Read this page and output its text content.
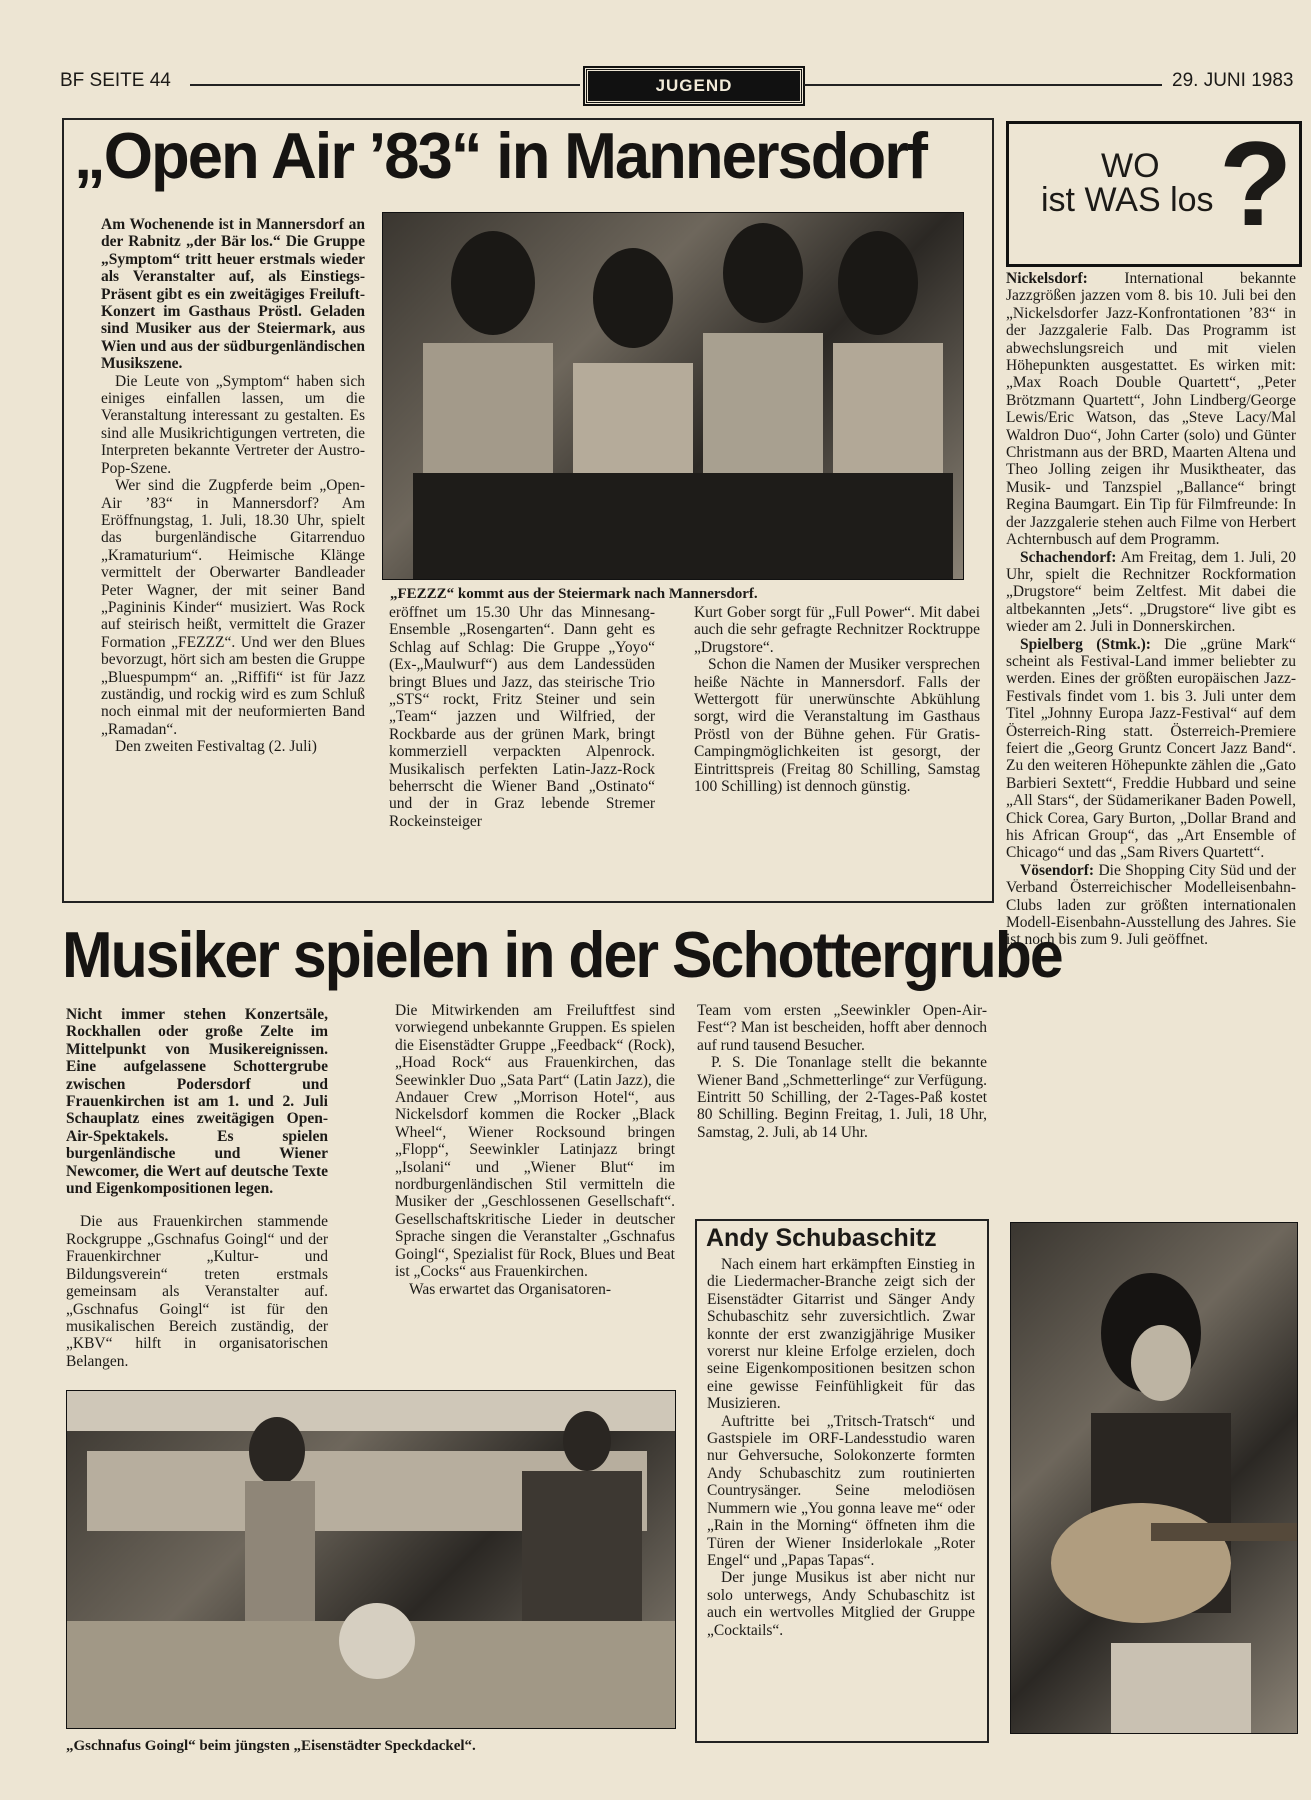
BF SEITE 44	JUGEND	29. JUNI 1983
„Open Air ’83“ in Mannersdorf
„FEZZZ“ kommt aus der Steiermark nach Mannersdorf.

Am Wochenende ist in Mannersdorf an der Rabnitz „der Bär los.“ Die Gruppe „Symptom“ tritt heuer erstmals wieder als Veranstalter auf, als Einstiegs-Präsent gibt es ein zweitägiges Freiluft-Konzert im Gasthaus Pröstl. Geladen sind Musiker aus der Steiermark, aus Wien und aus der südburgenländischen Musikszene.

Die Leute von „Symptom“ haben sich einiges einfallen lassen, um die Veranstaltung interessant zu gestalten. Es sind alle Musikrichtigungen vertreten, die Interpreten bekannte Vertreter der Austro-Pop-Szene.

Wer sind die Zugpferde beim „Open-Air ’83“ in Mannersdorf? Am Eröffnungstag, 1. Juli, 18.30 Uhr, spielt das burgenländische Gitarrenduo „Kramaturium“. Heimische Klänge vermittelt der Oberwarter Bandleader Peter Wagner, der mit seiner Band „Pagininis Kinder“ musiziert. Was Rock auf steirisch heißt, vermittelt die Grazer Formation „FEZZZ“. Und wer den Blues bevorzugt, hört sich am besten die Gruppe „Bluespumpm“ an. „Riffifi“ ist für Jazz zuständig, und rockig wird es zum Schluß noch einmal mit der neuformierten Band „Ramadan“.

Den zweiten Festivaltag (2. Juli)

eröffnet um 15.30 Uhr das Minnesang-Ensemble „Rosengarten“. Dann geht es Schlag auf Schlag: Die Gruppe „Yoyo“ (Ex-„Maulwurf“) aus dem Landessüden bringt Blues und Jazz, das steirische Trio „STS“ rockt, Fritz Steiner und sein „Team“ jazzen und Wilfried, der Rockbarde aus der grünen Mark, bringt kommerziell verpackten Alpenrock. Musikalisch perfekten Latin-Jazz-Rock beherrscht die Wiener Band „Ostinato“ und der in Graz lebende Stremer Rockeinsteiger

Kurt Gober sorgt für „Full Power“. Mit dabei auch die sehr gefragte Rechnitzer Rocktruppe „Drugstore“.

Schon die Namen der Musiker versprechen heiße Nächte in Mannersdorf. Falls der Wettergott für unerwünschte Abkühlung sorgt, wird die Veranstaltung im Gasthaus Pröstl von der Bühne gehen. Für Gratis-Campingmöglichkeiten ist gesorgt, der Eintrittspreis (Freitag 80 Schilling, Samstag 100 Schilling) ist dennoch günstig.

WO
ist WAS los ?

Nickelsdorf: International bekannte Jazzgrößen jazzen vom 8. bis 10. Juli bei den „Nickelsdorfer Jazz-Konfrontationen ’83“ in der Jazzgalerie Falb. Das Programm ist abwechslungsreich und mit vielen Höhepunkten ausgestattet. Es wirken mit: „Max Roach Double Quartett“, „Peter Brötzmann Quartett“, John Lindberg/George Lewis/Eric Watson, das „Steve Lacy/Mal Waldron Duo“, John Carter (solo) und Günter Christmann aus der BRD, Maarten Altena und Theo Jolling zeigen ihr Musiktheater, das Musik- und Tanzspiel „Ballance“ bringt Regina Baumgart. Ein Tip für Filmfreunde: In der Jazzgalerie stehen auch Filme von Herbert Achternbusch auf dem Programm.

Schachendorf: Am Freitag, dem 1. Juli, 20 Uhr, spielt die Rechnitzer Rockformation „Drugstore“ beim Zeltfest. Mit dabei die altbekannten „Jets“. „Drugstore“ live gibt es wieder am 2. Juli in Donnerskirchen.

Spielberg (Stmk.): Die „grüne Mark“ scheint als Festival-Land immer beliebter zu werden. Eines der größten europäischen Jazz-Festivals findet vom 1. bis 3. Juli unter dem Titel „Johnny Europa Jazz-Festival“ auf dem Österreich-Ring statt. Österreich-Premiere feiert die „Georg Gruntz Concert Jazz Band“. Zu den weiteren Höhepunkte zählen die „Gato Barbieri Sextett“, Freddie Hubbard und seine „All Stars“, der Südamerikaner Baden Powell, Chick Corea, Gary Burton, „Dollar Brand and his African Group“, das „Art Ensemble of Chicago“ und das „Sam Rivers Quartett“.

Vösendorf: Die Shopping City Süd und der Verband Österreichischer Modelleisenbahn-Clubs laden zur größten internationalen Modell-Eisenbahn-Ausstellung des Jahres. Sie ist noch bis zum 9. Juli geöffnet.

Musiker spielen in der Schottergrube

Nicht immer stehen Konzertsäle, Rockhallen oder große Zelte im Mittelpunkt von Musikereignissen. Eine aufgelassene Schottergrube zwischen Podersdorf und Frauenkirchen ist am 1. und 2. Juli Schauplatz eines zweitägigen Open-Air-Spektakels. Es spielen burgenländische und Wiener Newcomer, die Wert auf deutsche Texte und Eigenkompositionen legen.

Die aus Frauenkirchen stammende Rockgruppe „Gschnafus Goingl“ und der Frauenkirchner „Kultur- und Bildungsverein“ treten erstmals gemeinsam als Veranstalter auf. „Gschnafus Goingl“ ist für den musikalischen Bereich zuständig, der „KBV“ hilft in organisatorischen Belangen.

Die Mitwirkenden am Freiluftfest sind vorwiegend unbekannte Gruppen. Es spielen die Eisenstädter Gruppe „Feedback“ (Rock), „Hoad Rock“ aus Frauenkirchen, das Seewinkler Duo „Sata Part“ (Latin Jazz), die Andauer Crew „Morrison Hotel“, aus Nickelsdorf kommen die Rocker „Black Wheel“, Wiener Rocksound bringen „Flopp“, Seewinkler Latinjazz bringt „Isolani“ und „Wiener Blut“ im nordburgenländischen Stil vermitteln die Musiker der „Geschlossenen Gesellschaft“. Gesellschaftskritische Lieder in deutscher Sprache singen die Veranstalter „Gschnafus Goingl“, Spezialist für Rock, Blues und Beat ist „Cocks“ aus Frauenkirchen.

Was erwartet das Organisatoren-

Team vom ersten „Seewinkler Open-Air-Fest“? Man ist bescheiden, hofft aber dennoch auf rund tausend Besucher.

P. S. Die Tonanlage stellt die bekannte Wiener Band „Schmetterlinge“ zur Verfügung. Eintritt 50 Schilling, der 2-Tages-Paß kostet 80 Schilling. Beginn Freitag, 1. Juli, 18 Uhr, Samstag, 2. Juli, ab 14 Uhr.

„Gschnafus Goingl“ beim jüngsten „Eisenstädter Speckdackel“.
Andy Schubaschitz

Nach einem hart erkämpften Einstieg in die Liedermacher-Branche zeigt sich der Eisenstädter Gitarrist und Sänger Andy Schubaschitz sehr zuversichtlich. Zwar konnte der erst zwanzigjährige Musiker vorerst nur kleine Erfolge erzielen, doch seine Eigenkompositionen besitzen schon eine gewisse Feinfühligkeit für das Musizieren.

Auftritte bei „Tritsch-Tratsch“ und Gastspiele im ORF-Landesstudio waren nur Gehversuche, Solokonzerte formten Andy Schubaschitz zum routinierten Countrysänger. Seine melodiösen Nummern wie „You gonna leave me“ oder „Rain in the Morning“ öffneten ihm die Türen der Wiener Insiderlokale „Roter Engel“ und „Papas Tapas“.

Der junge Musikus ist aber nicht nur solo unterwegs, Andy Schubaschitz ist auch ein wertvolles Mitglied der Gruppe „Cocktails“.
